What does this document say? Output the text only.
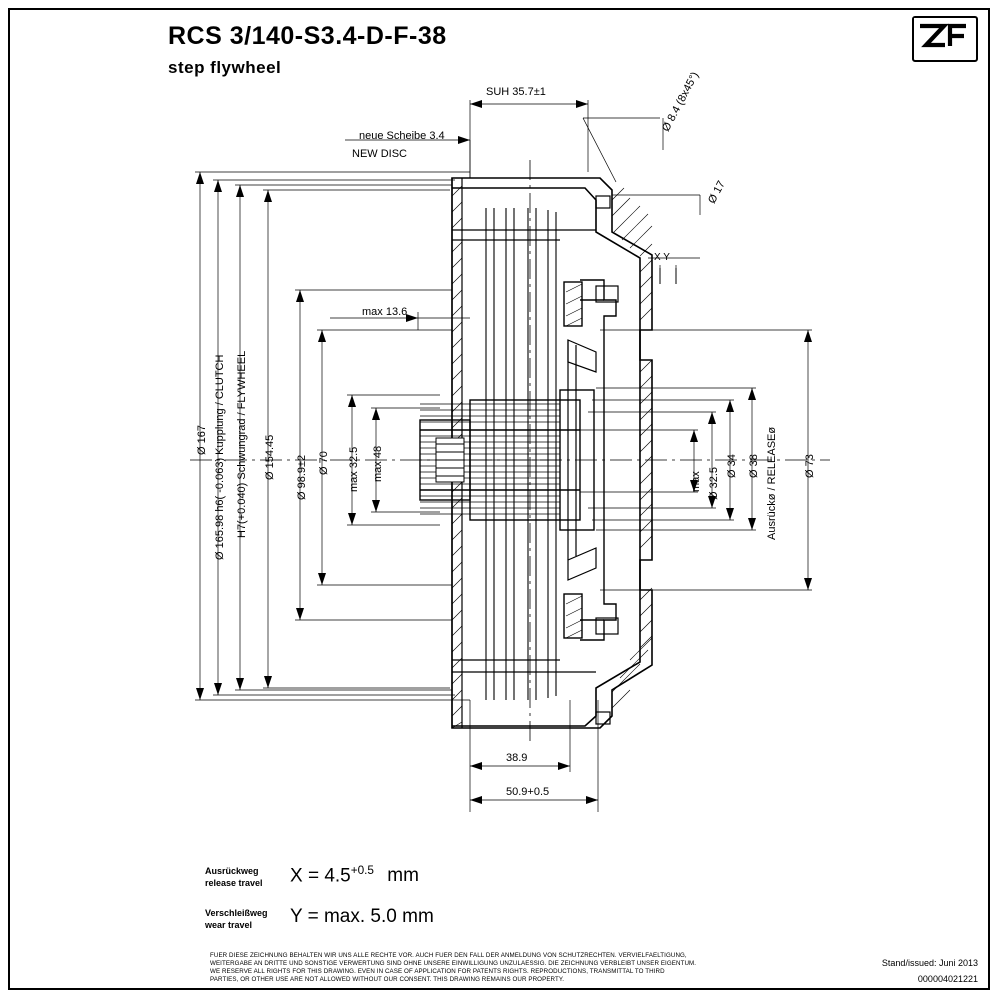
RCS 3/140-S3.4-D-F-38
step flywheel
SUH 35.7±1
neue Scheibe 3.4
NEW DISC
Ø 8.4 (8x45°)
Ø 17
X Y
max 13.6
Ø 167 Ø 165.98 h6( -0.063) Kupplung / CLUTCH H7(+0.040) Schwungrad / FLYWHEEL Ø 154.45 Ø 98.9±2 Ø 70 max 32.5 max 48	max Ø 32.5
Ø 34 Ø 38 Ausrückø / RELEASEø Ø 73
38.9
50.9+0.5
Ausrückweg
release travel $X = 4.5^{+0.5}$ mm
Verschleißweg
wear travel Y = max. 5.0 mm
FUER DIESE ZEICHNUNG BEHALTEN WIR UNS ALLE RECHTE VOR. AUCH FUER DEN FALL DER ANMELDUNG VON SCHUTZRECHTEN. VERVIELFAELTIGUNG,
WEITERGABE AN DRITTE UND SONSTIGE VERWERTUNG SIND OHNE UNSERE EINWILLIGUNG UNZULAESSIG. DIE ZEICHNUNG VERBLEIBT UNSER EIGENTUM.
WE RESERVE ALL RIGHTS FOR THIS DRAWING. EVEN IN CASE OF APPLICATION FOR PATENTS RIGHTS. REPRODUCTIONS, TRANSMITTAL TO THIRD
PARTIES, OR OTHER USE ARE NOT ALLOWED WITHOUT OUR CONSENT. THIS DRAWING REMAINS OUR PROPERTY.
Stand/issued: Juni 2013
000004021221
